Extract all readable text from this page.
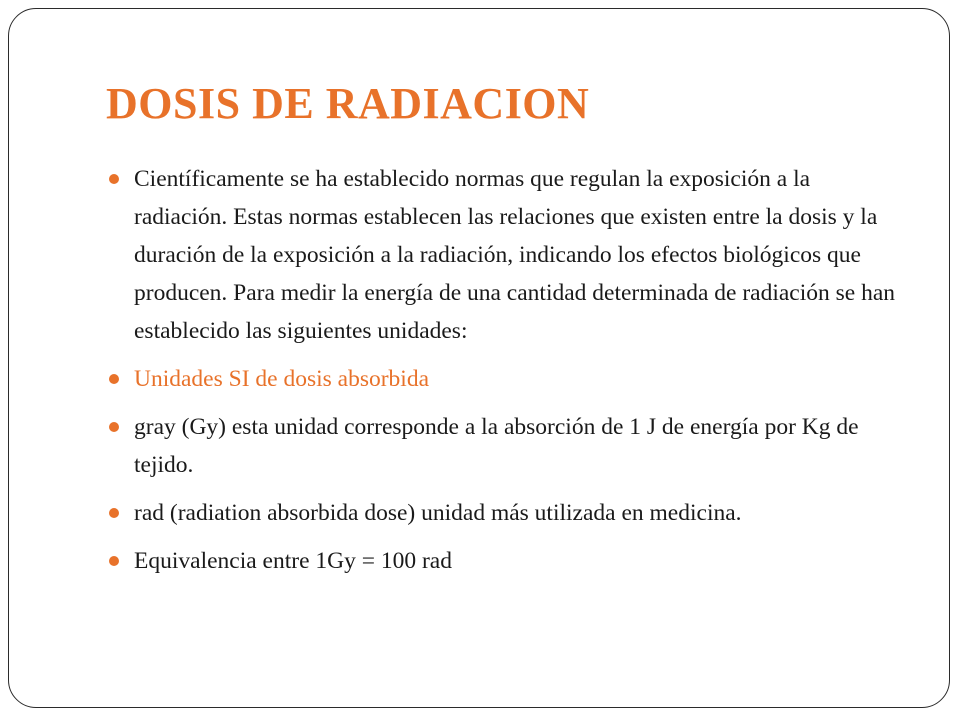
DOSIS DE RADIACION
Científicamente se ha establecido normas que regulan la exposición a la radiación. Estas normas establecen las relaciones que existen entre la dosis y la duración de la exposición a la radiación, indicando los efectos biológicos que producen. Para medir la energía de una cantidad determinada de radiación se han establecido las siguientes unidades:
Unidades SI de dosis absorbida
gray (Gy) esta unidad corresponde a la absorción de 1 J de energía por Kg de tejido.
rad (radiation absorbida dose) unidad más utilizada en medicina.
Equivalencia entre 1Gy = 100 rad
